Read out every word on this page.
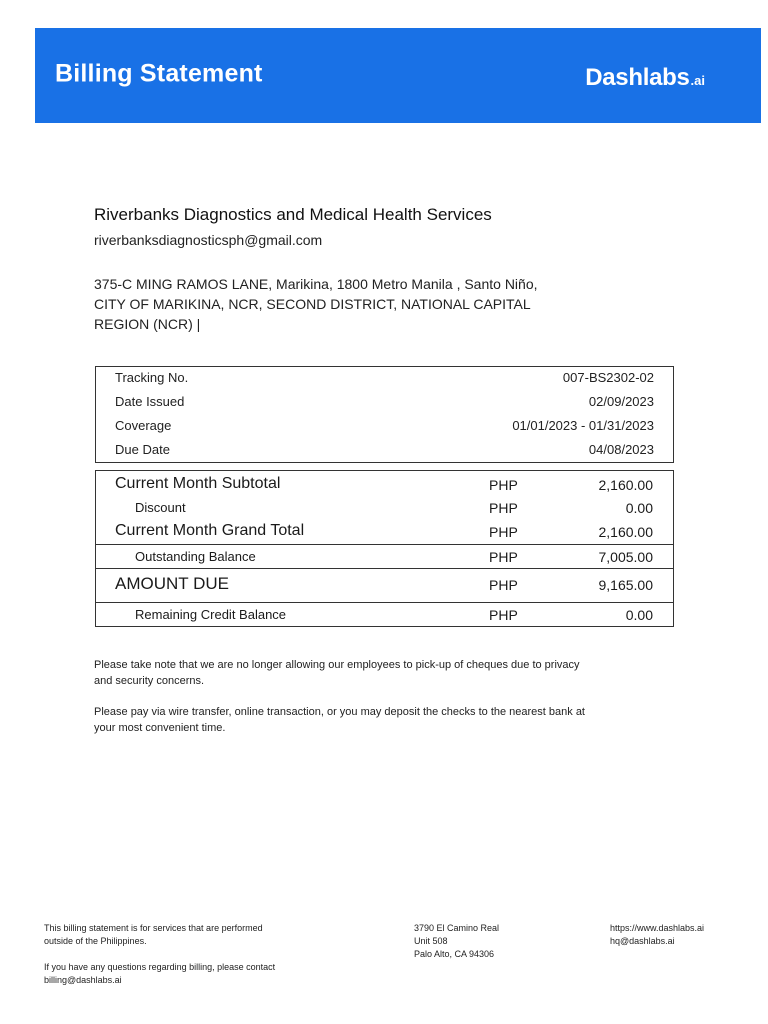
Billing Statement	Dashlabs .ai
Riverbanks Diagnostics and Medical Health Services
riverbanksdiagnosticsph@gmail.com
375-C MING RAMOS LANE, Marikina, 1800 Metro Manila , Santo Niño,
CITY OF MARIKINA, NCR, SECOND DISTRICT, NATIONAL CAPITAL
REGION (NCR) |
Tracking No.	007-BS2302-02
Date Issued	02/09/2023
Coverage	01/01/2023 - 01/31/2023
Due Date	04/08/2023
Current Month Subtotal	PHP	2,160.00
Discount	PHP	0.00
Current Month Grand Total	PHP	2,160.00
Outstanding Balance	PHP	7,005.00
AMOUNT DUE	PHP	9,165.00
Remaining Credit Balance	PHP	0.00
Please take note that we are no longer allowing our employees to pick-up of cheques due to privacy
and security concerns.
Please pay via wire transfer, online transaction, or you may deposit the checks to the nearest bank at
your most convenient time.
This billing statement is for services that are performed
outside of the Philippines.
If you have any questions regarding billing, please contact
billing@dashlabs.ai
3790 El Camino Real
Unit 508
Palo Alto, CA 94306
https://www.dashlabs.ai
hq@dashlabs.ai
